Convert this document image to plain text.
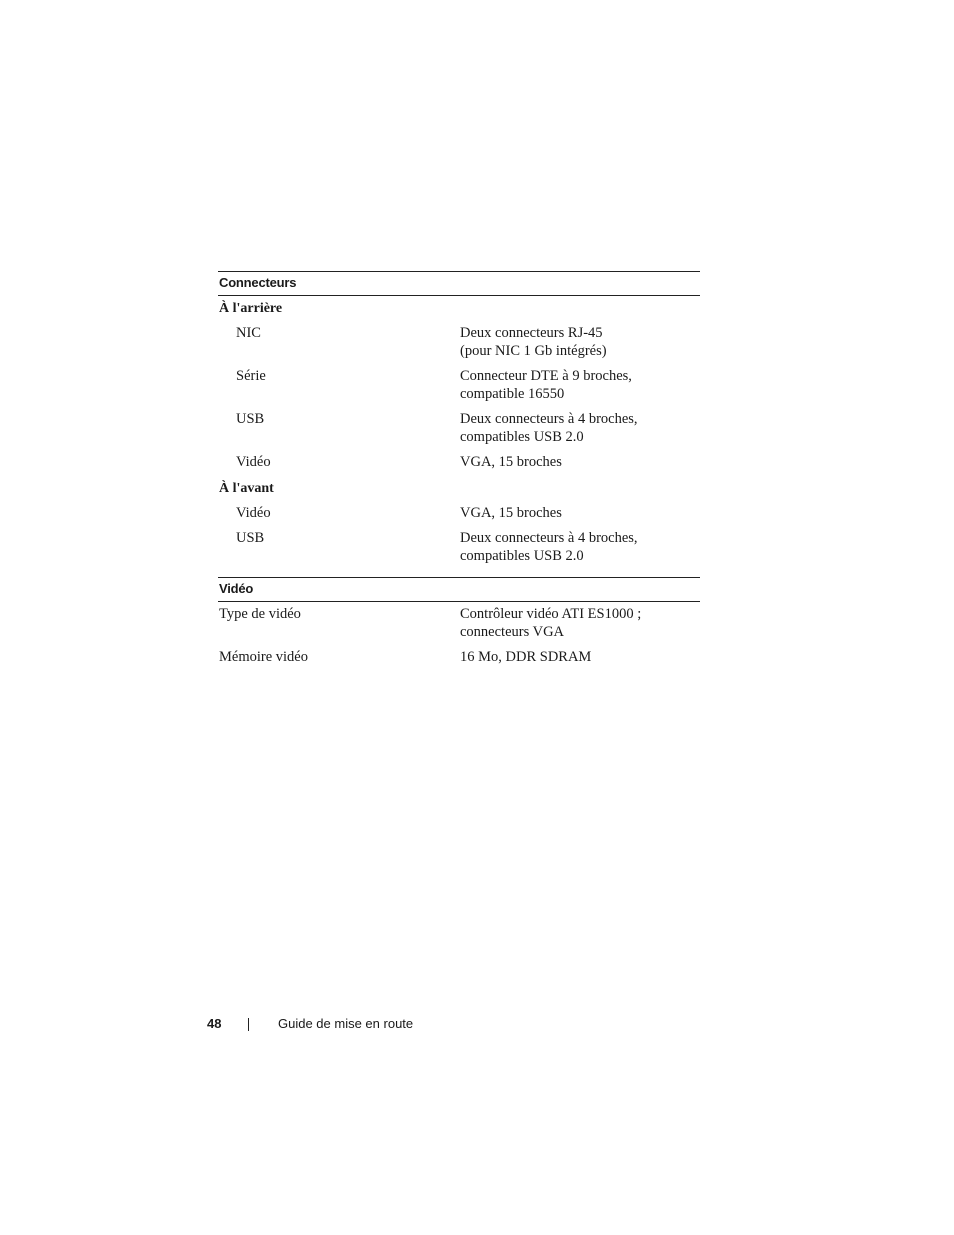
Connecteurs
À l'arrière
NIC	Deux connecteurs RJ-45
(pour NIC 1 Gb intégrés)
Série	Connecteur DTE à 9 broches,
compatible 16550
USB	Deux connecteurs à 4 broches,
compatibles USB 2.0
Vidéo	VGA, 15 broches
À l'avant
Vidéo	VGA, 15 broches
USB	Deux connecteurs à 4 broches,
compatibles USB 2.0
Vidéo
Type de vidéo	Contrôleur vidéo ATI ES1000 ;
connecteurs VGA
Mémoire vidéo	16 Mo, DDR SDRAM
48	Guide de mise en route
